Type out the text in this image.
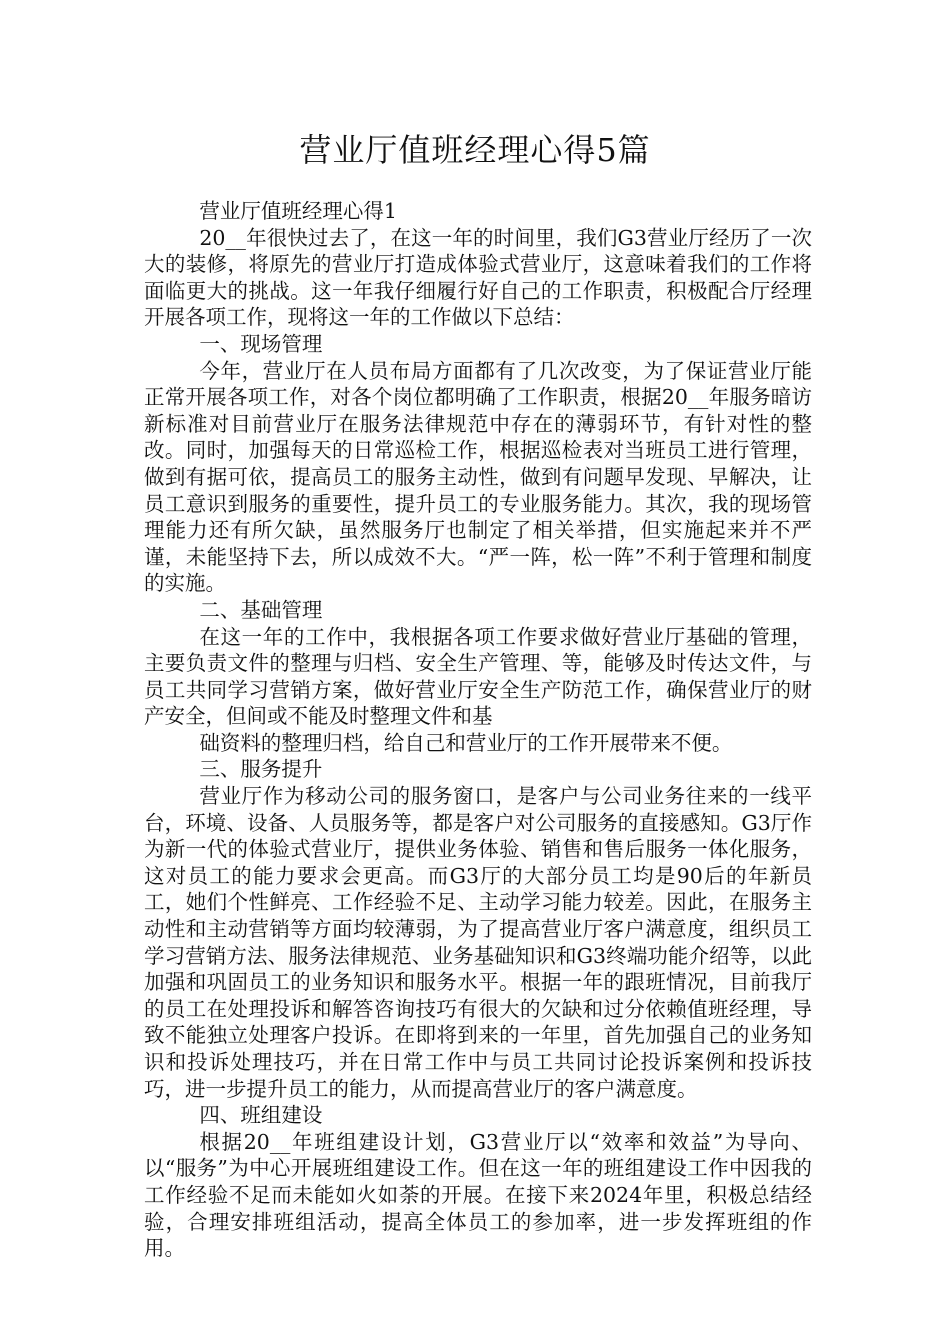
营业厅值班经理心得5篇

营业厅值班经理心得1

20__年很快过去了，在这一年的时间里，我们G3营业厅经历了一次大的装修，将原先的营业厅打造成体验式营业厅，这意味着我们的工作将面临更大的挑战。这一年我仔细履行好自己的工作职责，积极配合厅经理开展各项工作，现将这一年的工作做以下总结：

一、现场管理

今年，营业厅在人员布局方面都有了几次改变，为了保证营业厅能正常开展各项工作，对各个岗位都明确了工作职责，根据20__年服务暗访新标准对目前营业厅在服务法律规范中存在的薄弱环节，有针对性的整改。同时，加强每天的日常巡检工作，根据巡检表对当班员工进行管理，做到有据可依，提高员工的服务主动性，做到有问题早发现、早解决，让员工意识到服务的重要性，提升员工的专业服务能力。其次，我的现场管理能力还有所欠缺，虽然服务厅也制定了相关举措，但实施起来并不严谨，未能坚持下去，所以成效不大。“严一阵，松一阵”不利于管理和制度的实施。

二、基础管理

在这一年的工作中，我根据各项工作要求做好营业厅基础的管理，主要负责文件的整理与归档、安全生产管理、等，能够及时传达文件，与员工共同学习营销方案，做好营业厅安全生产防范工作，确保营业厅的财产安全，但间或不能及时整理文件和基

础资料的整理归档，给自己和营业厅的工作开展带来不便。

三、服务提升

营业厅作为移动公司的服务窗口，是客户与公司业务往来的一线平台，环境、设备、人员服务等，都是客户对公司服务的直接感知。G3厅作为新一代的体验式营业厅，提供业务体验、销售和售后服务一体化服务，这对员工的能力要求会更高。而G3厅的大部分员工均是90后的年新员工，她们个性鲜亮、工作经验不足、主动学习能力较差。因此，在服务主动性和主动营销等方面均较薄弱，为了提高营业厅客户满意度，组织员工学习营销方法、服务法律规范、业务基础知识和G3终端功能介绍等，以此加强和巩固员工的业务知识和服务水平。根据一年的跟班情况，目前我厅的员工在处理投诉和解答咨询技巧有很大的欠缺和过分依赖值班经理，导致不能独立处理客户投诉。在即将到来的一年里，首先加强自己的业务知识和投诉处理技巧，并在日常工作中与员工共同讨论投诉案例和投诉技巧，进一步提升员工的能力，从而提高营业厅的客户满意度。

四、班组建设

根据20__年班组建设计划，G3营业厅以“效率和效益”为导向、以“服务”为中心开展班组建设工作。但在这一年的班组建设工作中因我的工作经验不足而未能如火如荼的开展。在接下来2024年里，积极总结经验，合理安排班组活动，提高全体员工的参加率，进一步发挥班组的作用。
